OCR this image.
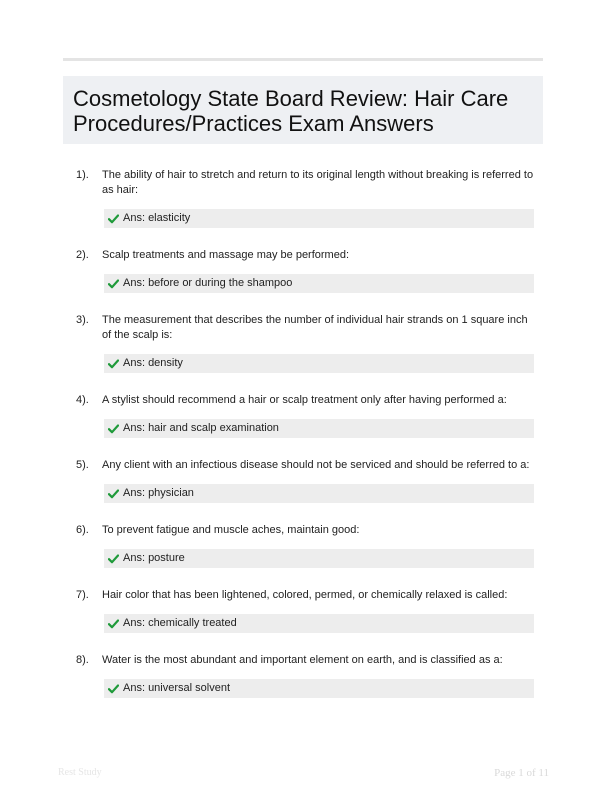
Cosmetology State Board Review: Hair Care Procedures/Practices Exam Answers
1). The ability of hair to stretch and return to its original length without breaking is referred to as hair:
Ans: elasticity
2). Scalp treatments and massage may be performed:
Ans: before or during the shampoo
3). The measurement that describes the number of individual hair strands on 1 square inch of the scalp is:
Ans: density
4). A stylist should recommend a hair or scalp treatment only after having performed a:
Ans: hair and scalp examination
5). Any client with an infectious disease should not be serviced and should be referred to a:
Ans: physician
6). To prevent fatigue and muscle aches, maintain good:
Ans: posture
7). Hair color that has been lightened, colored, permed, or chemically relaxed is called:
Ans: chemically treated
8). Water is the most abundant and important element on earth, and is classified as a:
Ans: universal solvent
Rest Study	Page 1 of 11
